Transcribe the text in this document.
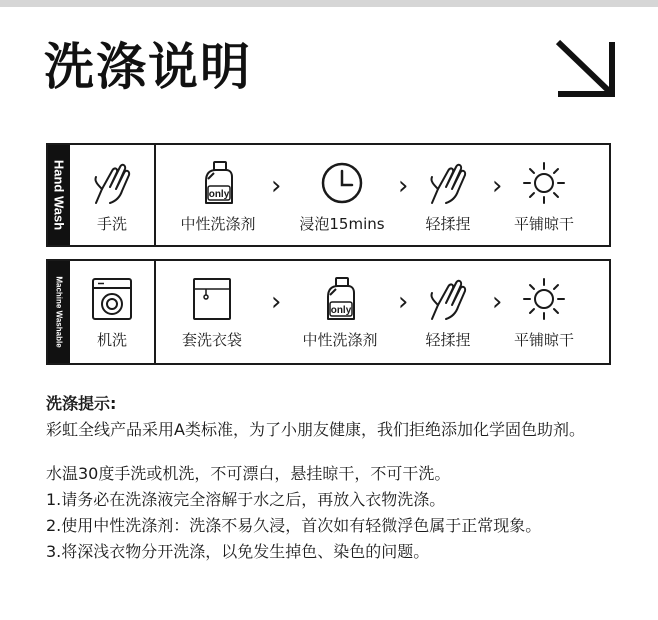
洗涤说明
Hand Wash	手洗
only
中性洗涤剂
›
浸泡15mins
›
轻揉捏
›
平铺晾干
Machine Washable	机洗	套洗衣袋
›	only
中性洗涤剂
›
轻揉捏
›
平铺晾干

洗涤提示:

彩虹全线产品采用A类标准，为了小朋友健康，我们拒绝添加化学固色助剂。

水温30度手洗或机洗，不可漂白，悬挂晾干，不可干洗。

1.请务必在洗涤液完全溶解于水之后，再放入衣物洗涤。

2.使用中性洗涤剂：洗涤不易久浸，首次如有轻微浮色属于正常现象。

3.将深浅衣物分开洗涤，以免发生掉色、染色的问题。
